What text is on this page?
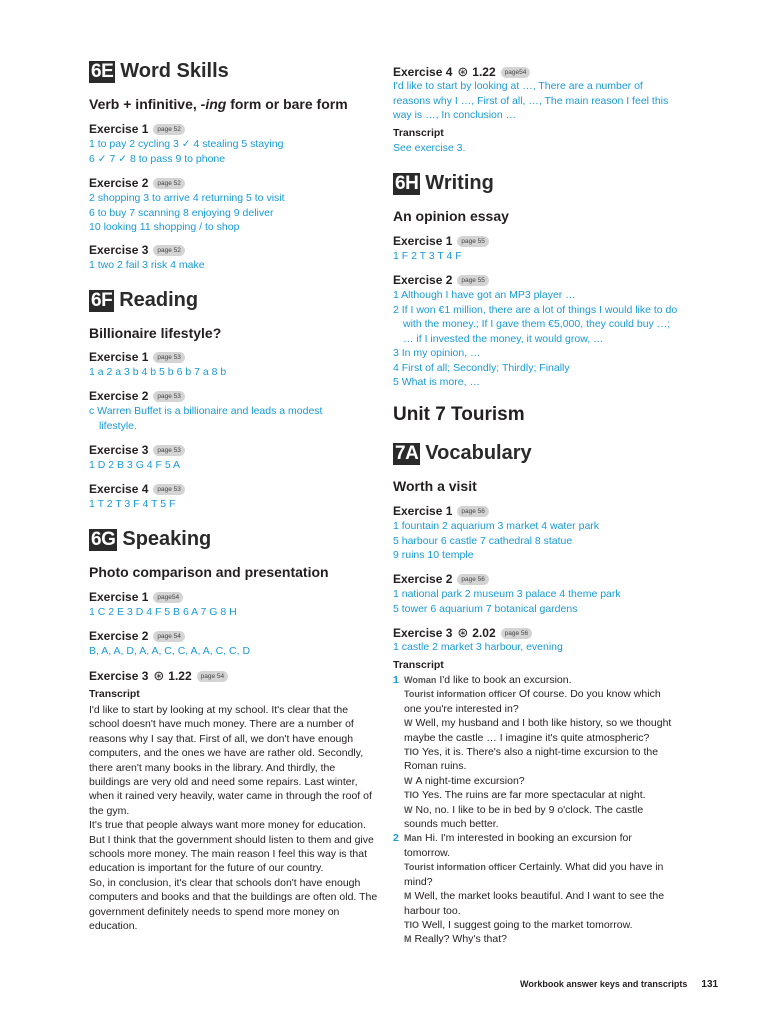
6E Word Skills
Verb + infinitive, -ing form or bare form
Exercise 1	page 52
1 to pay 2 cycling 3 ✓ 4 stealing 5 staying
6 ✓ 7 ✓ 8 to pass 9 to phone
Exercise 2	page 52
2 shopping 3 to arrive 4 returning 5 to visit
6 to buy 7 scanning 8 enjoying 9 deliver
10 looking 11 shopping / to shop
Exercise 3	page 52
1 two 2 fail 3 risk 4 make
6F Reading
Billionaire lifestyle?
Exercise 1	page 53
1 a 2 a 3 b 4 b 5 b 6 b 7 a 8 b
Exercise 2	page 53
c Warren Buffet is a billionaire and leads a modest lifestyle.
Exercise 3	page 53
1 D 2 B 3 G 4 F 5 A
Exercise 4	page 53
1 T 2 T 3 F 4 T 5 F
6G Speaking
Photo comparison and presentation
Exercise 1	page54
1 C 2 E 3 D 4 F 5 B 6 A 7 G 8 H
Exercise 2	page 54
B, A, A, D, A, A, C, C, A, A, C, C, D
Exercise 3 ⊛ 1.22	page 54
Transcript
I'd like to start by looking at my school. It's clear that the school doesn't have much money. There are a number of reasons why I say that. First of all, we don't have enough computers, and the ones we have are rather old. Secondly, there aren't many books in the library. And thirdly, the buildings are very old and need some repairs. Last winter, when it rained very heavily, water came in through the roof of the gym.
It's true that people always want more money for education. But I think that the government should listen to them and give schools more money. The main reason I feel this way is that education is important for the future of our country.
So, in conclusion, it's clear that schools don't have enough computers and books and that the buildings are often old. The government definitely needs to spend more money on education.
Exercise 4 ⊛ 1.22	page54
I'd like to start by looking at …, There are a number of reasons why I …, First of all, …, The main reason I feel this way is …, In conclusion …
Transcript
See exercise 3.
6H Writing
An opinion essay
Exercise 1	page 55
1 F 2 T 3 T 4 F
Exercise 2	page 55
1 Although I have got an MP3 player …
2 If I won €1 million, there are a lot of things I would like to do with the money.; If I gave them €5,000, they could buy …; … if I invested the money, it would grow, …
3 In my opinion, …
4 First of all; Secondly; Thirdly; Finally
5 What is more, …
Unit 7 Tourism
7A Vocabulary
Worth a visit
Exercise 1	page 56
1 fountain 2 aquarium 3 market 4 water park
5 harbour 6 castle 7 cathedral 8 statue
9 ruins 10 temple
Exercise 2	page 56
1 national park 2 museum 3 palace 4 theme park
5 tower 6 aquarium 7 botanical gardens
Exercise 3 ⊛ 2.02	page 56
1 castle 2 market 3 harbour, evening
Transcript
1 Woman I'd like to book an excursion.
Tourist information officer Of course. Do you know which one you're interested in?
W Well, my husband and I both like history, so we thought maybe the castle … I imagine it's quite atmospheric?
TIO Yes, it is. There's also a night-time excursion to the Roman ruins.
W A night-time excursion?
TIO Yes. The ruins are far more spectacular at night.
W No, no. I like to be in bed by 9 o'clock. The castle sounds much better.
2 Man Hi. I'm interested in booking an excursion for tomorrow.
Tourist information officer Certainly. What did you have in mind?
M Well, the market looks beautiful. And I want to see the harbour too.
TIO Well, I suggest going to the market tomorrow.
M Really? Why's that?
Workbook answer keys and transcripts 131
